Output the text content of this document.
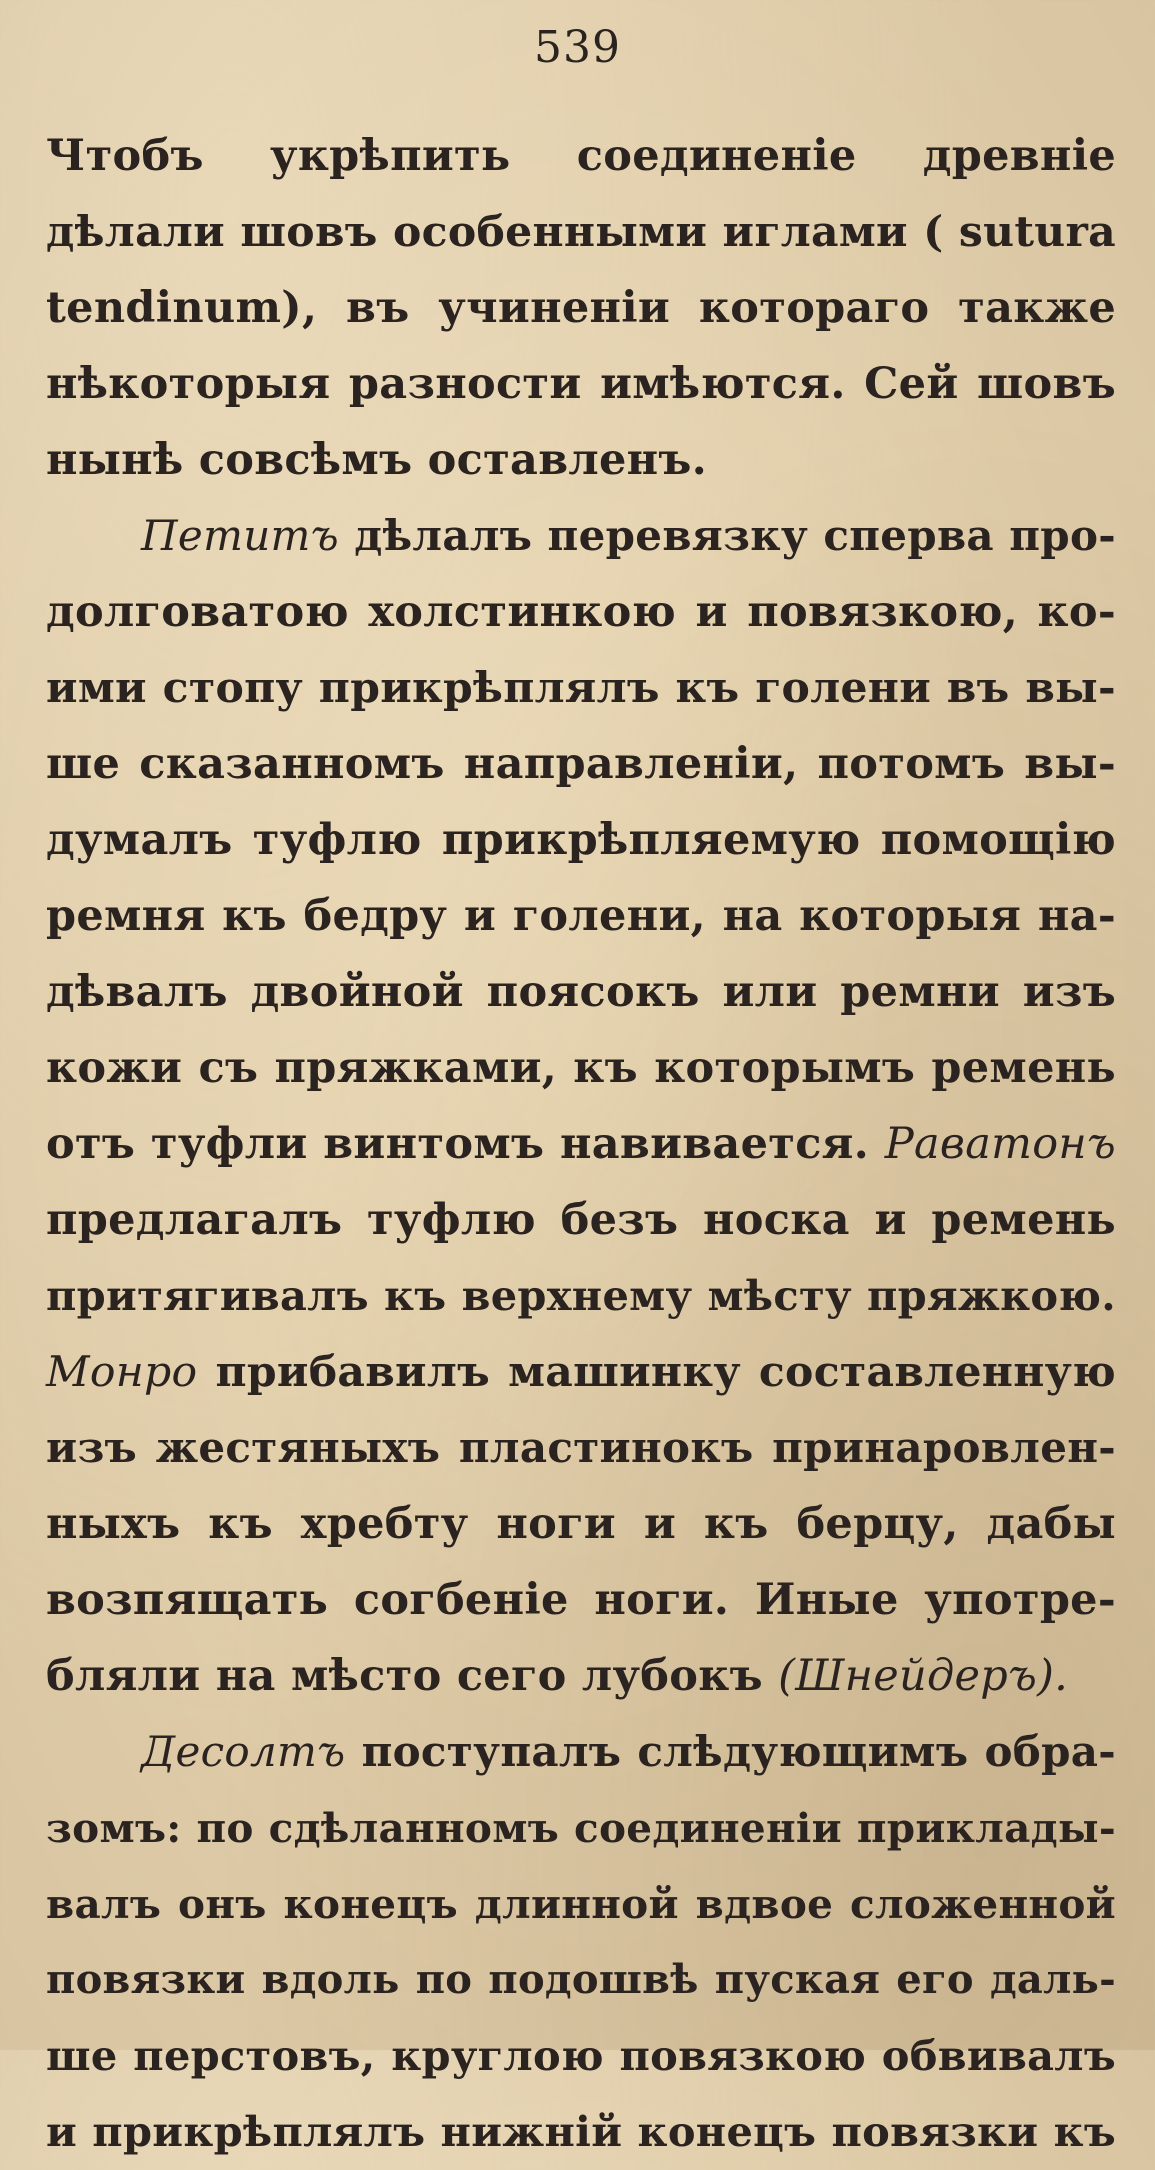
539
Чтобъ укрѣпить соединенiе древнiе
дѣлали шовъ особенными иглами ( sutura
tendinum), въ учиненiи котораго также
нѣкоторыя разности имѣются. Сей шовъ
нынѣ совсѣмъ оставленъ.
Петитъ дѣлалъ перевязку сперва про-
долговатою холстинкою и повязкою, ко-
ими стопу прикрѣплялъ къ голени въ вы-
ше сказанномъ направленiи, потомъ вы-
думалъ туфлю прикрѣпляемую помощiю
ремня къ бедру и голени, на которыя на-
дѣвалъ двойной поясокъ или ремни изъ
кожи съ пряжками, къ которымъ ремень
отъ туфли винтомъ навивается. Раватонъ
предлагалъ туфлю безъ носка и ремень
притягивалъ къ верхнему мѣсту пряжкою.
Монро прибавилъ машинку составленную
изъ жестяныхъ пластинокъ принаровлен-
ныхъ къ хребту ноги и къ берцу, дабы
возпящать согбенiе ноги. Иные употре-
бляли на мѣсто сего лубокъ (Шнейдеръ).
Десолтъ поступалъ слѣдующимъ обра-
зомъ: по сдѣланномъ соединенiи приклады-
валъ онъ конецъ длинной вдвое сложенной
повязки вдоль по подошвѣ пуская его даль-
ше перстовъ, круглою повязкою обвивалъ
и прикрѣплялъ нижнiй конецъ повязки къ
